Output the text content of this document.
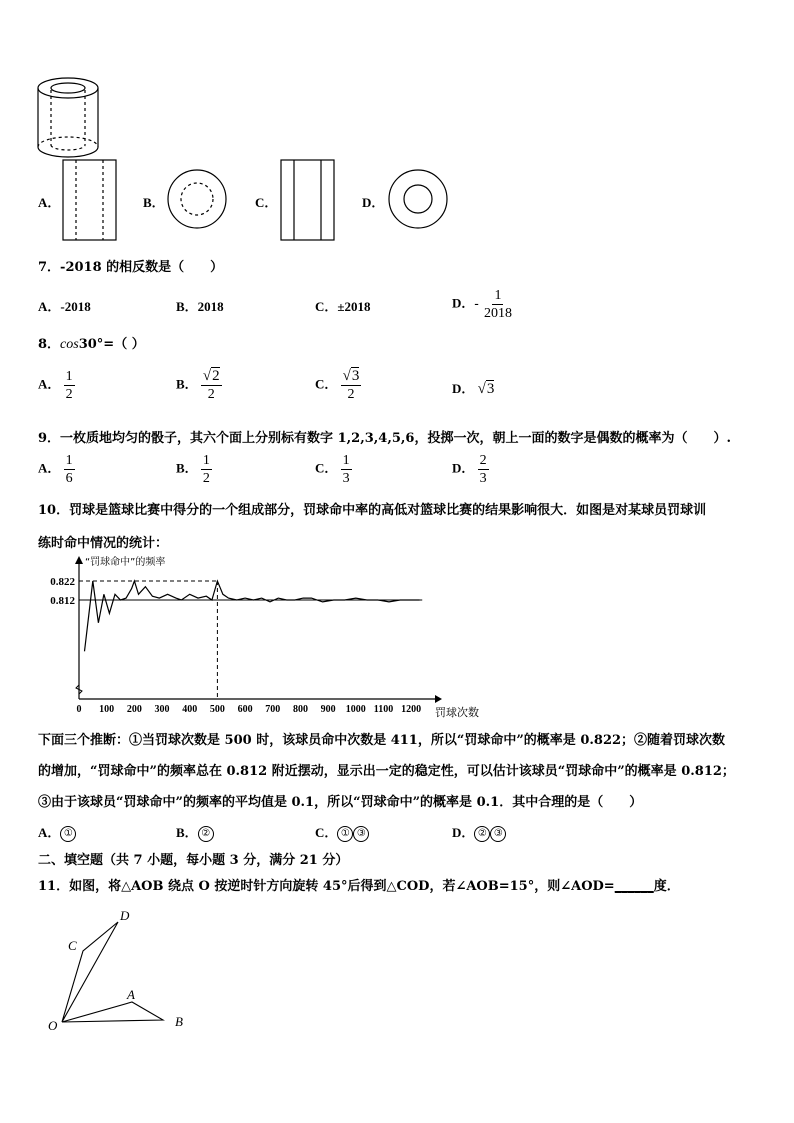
A．	B．	C．	D．
7．-2018 的相反数是（　　）
A．-2018	B．2018	C．±2018	D．- $\frac{1}{2018}$
8．cos30°=（ ）
A． $\frac{1}{2}$	B． $\frac{√2}{2}$	C． $\frac{√3}{2}$	D． √3
9．一枚质地均匀的骰子，其六个面上分别标有数字 1,2,3,4,5,6，投掷一次，朝上一面的数字是偶数的概率为（　　）.
A． $\frac{1}{6}$	B． $\frac{1}{2}$	C． $\frac{1}{3}$	D． $\frac{2}{3}$
10．罚球是篮球比赛中得分的一个组成部分，罚球命中率的高低对篮球比赛的结果影响很大．如图是对某球员罚球训
练时命中情况的统计：
“罚球命中”的频率
罚球次数
0 100 200 300 400 500 600 700 800 900 1000 1100 1200
0.822
0.812
下面三个推断：①当罚球次数是 500 时，该球员命中次数是 411，所以“罚球命中”的概率是 0.822；②随着罚球次数
的增加，“罚球命中”的频率总在 0.812 附近摆动，显示出一定的稳定性，可以估计该球员“罚球命中”的概率是 0.812；
③由于该球员“罚球命中”的频率的平均值是 0.1，所以“罚球命中”的概率是 0.1．其中合理的是（　　）
A． ①	B． ②	C． ① ③	D． ② ③
二、填空题（共 7 小题，每小题 3 分，满分 21 分）
11．如图，将△AOB 绕点 O 按逆时针方向旋转 45°后得到△COD，若∠AOB=15°，则∠AOD=______度．
O
A
B
C
D
